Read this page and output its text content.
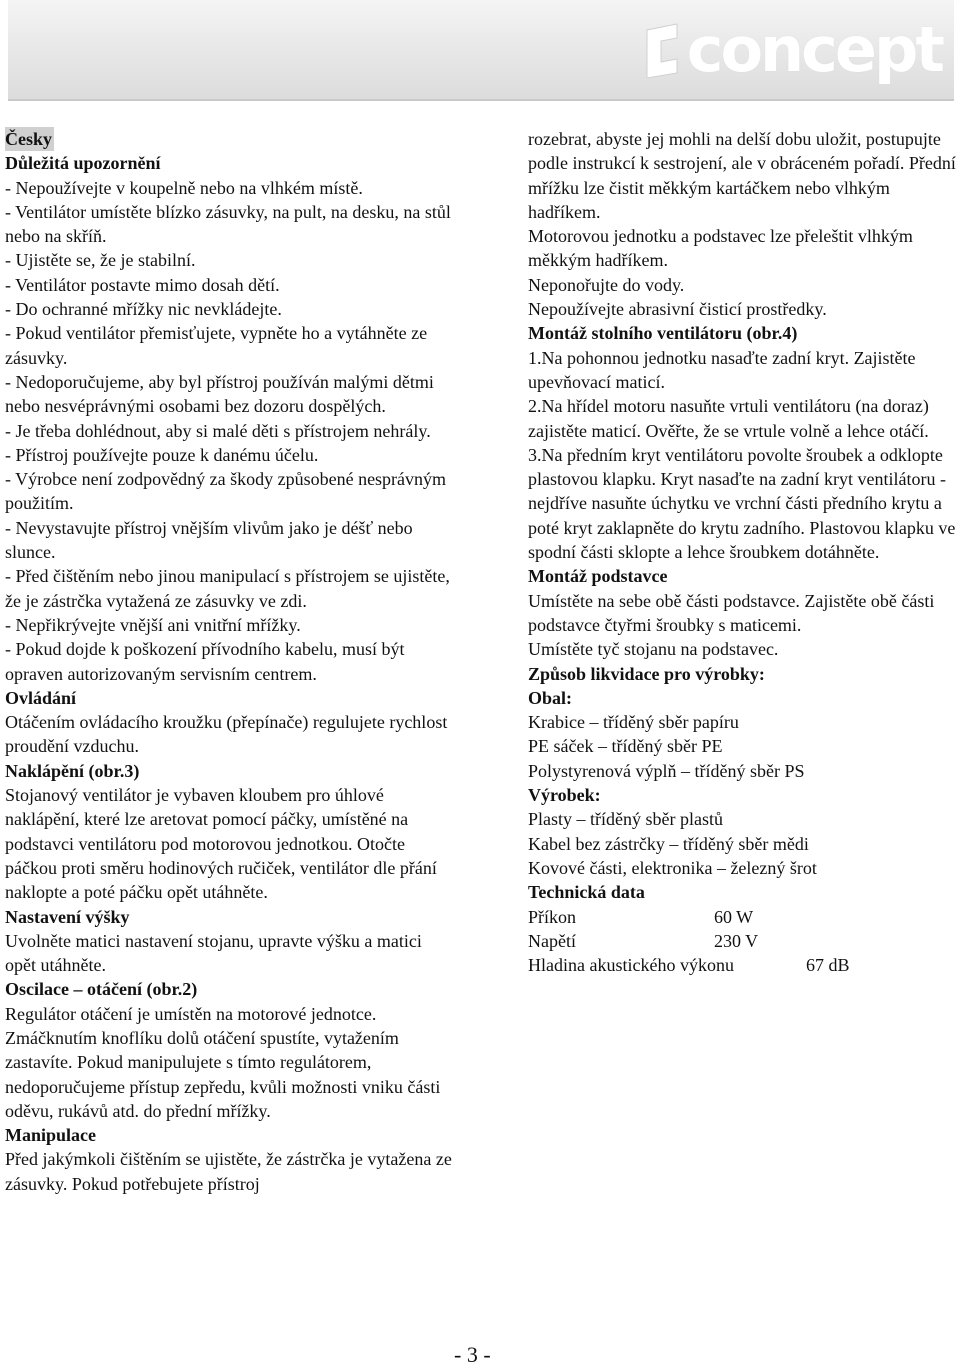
concept

Česky

Důležitá upozornění

- Nepoužívejte v koupelně nebo na vlhkém místě.

- Ventilátor umístěte blízko zásuvky, na pult, na desku, na stůl nebo na skříň.

- Ujistěte se, že je stabilní.

- Ventilátor postavte mimo dosah dětí.

- Do ochranné mřížky nic nevkládejte.

- Pokud ventilátor přemisťujete, vypněte ho a vytáhněte ze zásuvky.

- Nedoporučujeme, aby byl přístroj používán malými dětmi nebo nesvéprávnými osobami bez dozoru dospělých.

- Je třeba dohlédnout, aby si malé děti s přístrojem nehrály.

- Přístroj používejte pouze k danému účelu.

- Výrobce není zodpovědný za škody způsobené nesprávným použitím.

- Nevystavujte přístroj vnějším vlivům jako je déšť nebo slunce.

- Před čištěním nebo jinou manipulací s přístrojem se ujistěte, že je zástrčka vytažená ze zásuvky ve zdi.

- Nepřikrývejte vnější ani vnitřní mřížky.

- Pokud dojde k poškození přívodního kabelu, musí být opraven autorizovaným servisním centrem.

Ovládání

Otáčením ovládacího kroužku (přepínače) regulujete rychlost proudění vzduchu.

Naklápění (obr.3)

Stojanový ventilátor je vybaven kloubem pro úhlové naklápění, které lze aretovat pomocí páčky, umístěné na podstavci ventilátoru pod motorovou jednotkou. Otočte páčkou proti směru hodinových ručiček, ventilátor dle přání naklopte a poté páčku opět utáhněte.

Nastavení výšky

Uvolněte matici nastavení stojanu, upravte výšku a matici opět utáhněte.

Oscilace – otáčení (obr.2)

Regulátor otáčení je umístěn na motorové jednotce. Zmáčknutím knoflíku dolů otáčení spustíte, vytažením zastavíte. Pokud manipulujete s tímto regulátorem, nedoporučujeme přístup zepředu, kvůli možnosti vniku části oděvu, rukávů atd. do přední mřížky.

Manipulace

Před jakýmkoli čištěním se ujistěte, že zástrčka je vytažena ze zásuvky. Pokud potřebujete přístroj

rozebrat, abyste jej mohli na delší dobu uložit, postupujte podle instrukcí k sestrojení, ale v obráceném pořadí. Přední mřížku lze čistit měkkým kartáčkem nebo vlhkým hadříkem.

Motorovou jednotku a podstavec lze přeleštit vlhkým měkkým hadříkem.

Neponořujte do vody.

Nepoužívejte abrasivní čisticí prostředky.

Montáž stolního ventilátoru (obr.4)

1.Na pohonnou jednotku nasaďte zadní kryt. Zajistěte upevňovací maticí.

2.Na hřídel motoru nasuňte vrtuli ventilátoru (na doraz) zajistěte maticí. Ověřte, že se vrtule volně a lehce otáčí.

3.Na předním kryt ventilátoru povolte šroubek a odklopte plastovou klapku. Kryt nasaďte na zadní kryt ventilátoru - nejdříve nasuňte úchytku ve vrchní části předního krytu a poté kryt zaklapněte do krytu zadního. Plastovou klapku ve spodní části sklopte a lehce šroubkem dotáhněte.

Montáž podstavce

Umístěte na sebe obě části podstavce. Zajistěte obě části podstavce čtyřmi šroubky s maticemi.

Umístěte tyč stojanu na podstavec.

Způsob likvidace pro výrobky:

Obal:

Krabice – tříděný sběr papíru

PE sáček – tříděný sběr PE

Polystyrenová výplň – tříděný sběr PS

Výrobek:

Plasty – tříděný sběr plastů

Kabel bez zástrčky – tříděný sběr mědi

Kovové části, elektronika – železný šrot

Technická data

Příkon	60 W
Napětí	230 V
Hladina akustického výkonu	67 dB
- 3 -
